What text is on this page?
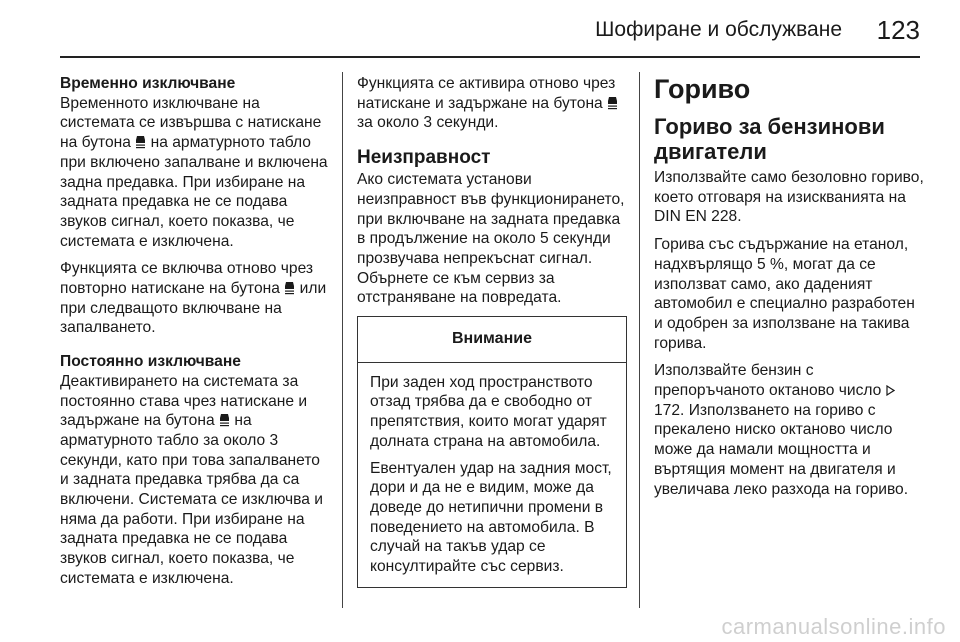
Шофиране и обслужване 123

Временно изключване
Временното изключване на системата се извършва с натискане на бутона на арматурното табло при включено запалване и включена задна предавка. При избиране на задната предавка не се подава звуков сигнал, което показва, че системата е изключена.

Функцията се включва отново чрез повторно натискане на бутона или при следващото включване на запалването.

Постоянно изключване
Деактивирането на системата за постоянно става чрез натискане и задържане на бутона на арматурното табло за около 3 секунди, като при това запалването и задната предавка трябва да са включени. Системата се изключва и няма да работи. При избиране на задната предавка не се подава звуков сигнал, което показва, че системата е изключена.

Функцията се активира отново чрез натискане и задържане на бутона  за около 3 секунди.

Неизправност

Ако системата установи неизправност във функционирането, при включване на задната предавка в продължение на около 5 секунди прозвучава непрекъснат сигнал. Обърнете се към сервиз за отстраняване на повредата.

Внимание

При заден ход пространството отзад трябва да е свободно от препятствия, които могат ударят долната страна на автомобила.

Евентуален удар на задния мост, дори и да не е видим, може да доведе до нетипични промени в поведението на автомобила. В случай на такъв удар се консултирайте със сервиз.

Гориво
Гориво за бензинови двигатели

Използвайте само безоловно гориво, което отговаря на изискванията на DIN EN 228.

Горива със съдържание на етанол, надхвърлящо 5 %, могат да се използват само, ако даденият автомобил е специално разработен и одобрен за използване на такива горива.

Използвайте бензин с препоръчаното октаново число 172. Използването на гориво с прекалено ниско октаново число може да намали мощността и въртящия момент на двигателя и увеличава леко разхода на гориво.

carmanualsonline.info
